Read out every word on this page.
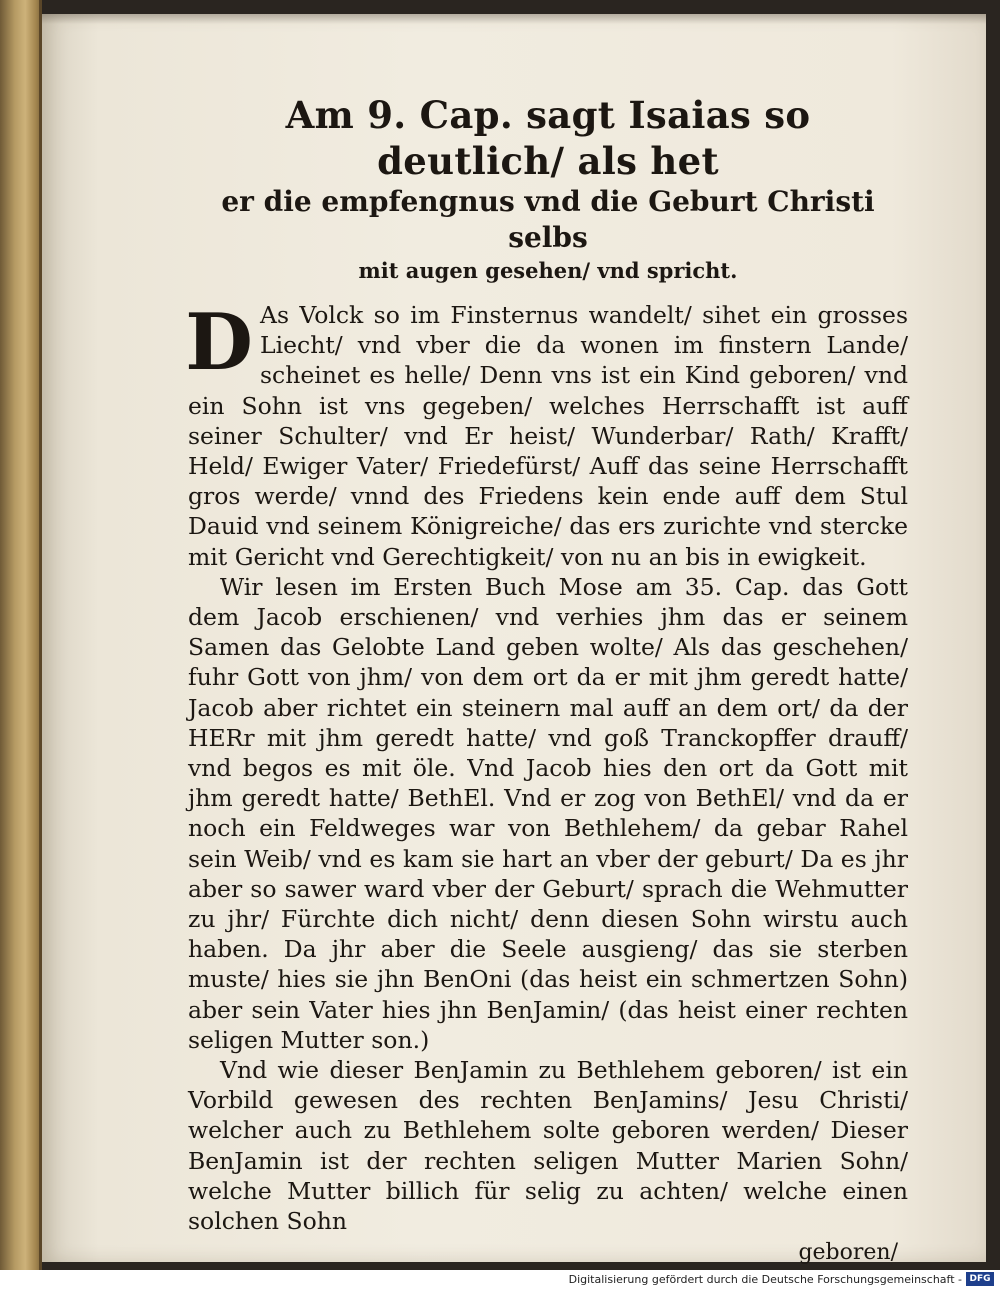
Am 9. Cap. sagt Isaias so deutlich/ als het
er die empfengnus vnd die Geburt Christi selbs
mit augen gesehen/ vnd spricht.

D As Volck so im Finsternus wandelt/ sihet ein grosses Liecht/ vnd vber die da wonen im finstern Lande/ scheinet es helle/ Denn vns ist ein Kind geboren/ vnd ein Sohn ist vns gegeben/ welches Herrschafft ist auff seiner Schulter/ vnd Er heist/ Wunderbar/ Rath/ Krafft/ Held/ Ewiger Vater/ Friedefürst/ Auff das seine Herrschafft gros werde/ vnnd des Friedens kein ende auff dem Stul Dauid vnd seinem Königreiche/ das ers zurichte vnd stercke mit Gericht vnd Gerechtigkeit/ von nu an bis in ewigkeit.

Wir lesen im Ersten Buch Mose am 35. Cap. das Gott dem Jacob erschienen/ vnd verhies jhm das er seinem Samen das Gelobte Land geben wolte/ Als das geschehen/ fuhr Gott von jhm/ von dem ort da er mit jhm geredt hatte/ Jacob aber richtet ein steinern mal auff an dem ort/ da der HERr mit jhm geredt hatte/ vnd goß Tranckopffer drauff/ vnd begos es mit öle. Vnd Jacob hies den ort da Gott mit jhm geredt hatte/ BethEl. Vnd er zog von BethEl/ vnd da er noch ein Feldweges war von Bethlehem/ da gebar Rahel sein Weib/ vnd es kam sie hart an vber der geburt/ Da es jhr aber so sawer ward vber der Geburt/ sprach die Wehmutter zu jhr/ Fürchte dich nicht/ denn diesen Sohn wirstu auch haben. Da jhr aber die Seele ausgieng/ das sie sterben muste/ hies sie jhn BenOni (das heist ein schmertzen Sohn) aber sein Vater hies jhn BenJamin/ (das heist einer rechten seligen Mutter son.)

Vnd wie dieser BenJamin zu Bethlehem geboren/ ist ein Vorbild gewesen des rechten BenJamins/ Jesu Christi/ welcher auch zu Bethlehem solte geboren werden/ Dieser BenJamin ist der rechten seligen Mutter Marien Sohn/ welche Mutter billich für selig zu achten/ welche einen solchen Sohn

geboren/
Digitalisierung gefördert durch die Deutsche Forschungsgemeinschaft - DFG
